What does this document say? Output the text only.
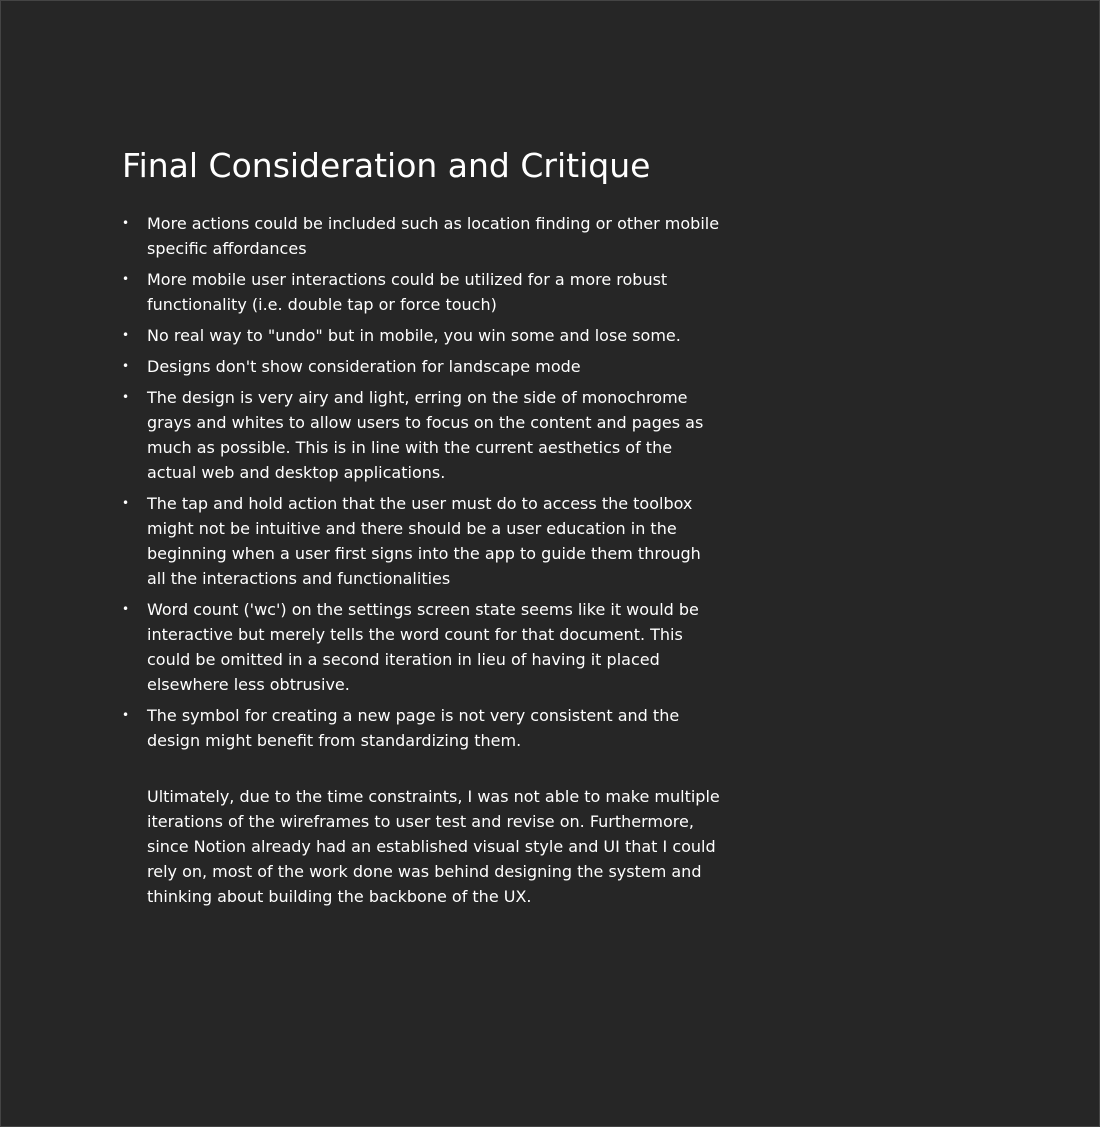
Final Consideration and Critique
• More actions could be included such as location finding or other mobile specific affordances
• More mobile user interactions could be utilized for a more robust functionality (i.e. double tap or force touch)
• No real way to "undo" but in mobile, you win some and lose some.
• Designs don't show consideration for landscape mode
• The design is very airy and light, erring on the side of monochrome grays and whites to allow users to focus on the content and pages as much as possible. This is in line with the current aesthetics of the actual web and desktop applications.
• The tap and hold action that the user must do to access the toolbox might not be intuitive and there should be a user education in the beginning when a user first signs into the app to guide them through all the interactions and functionalities
• Word count ('wc') on the settings screen state seems like it would be interactive but merely tells the word count for that document. This could be omitted in a second iteration in lieu of having it placed elsewhere less obtrusive.
• The symbol for creating a new page is not very consistent and the design might benefit from standardizing them.

Ultimately, due to the time constraints, I was not able to make multiple iterations of the wireframes to user test and revise on. Furthermore, since Notion already had an established visual style and UI that I could rely on, most of the work done was behind designing the system and thinking about building the backbone of the UX.
